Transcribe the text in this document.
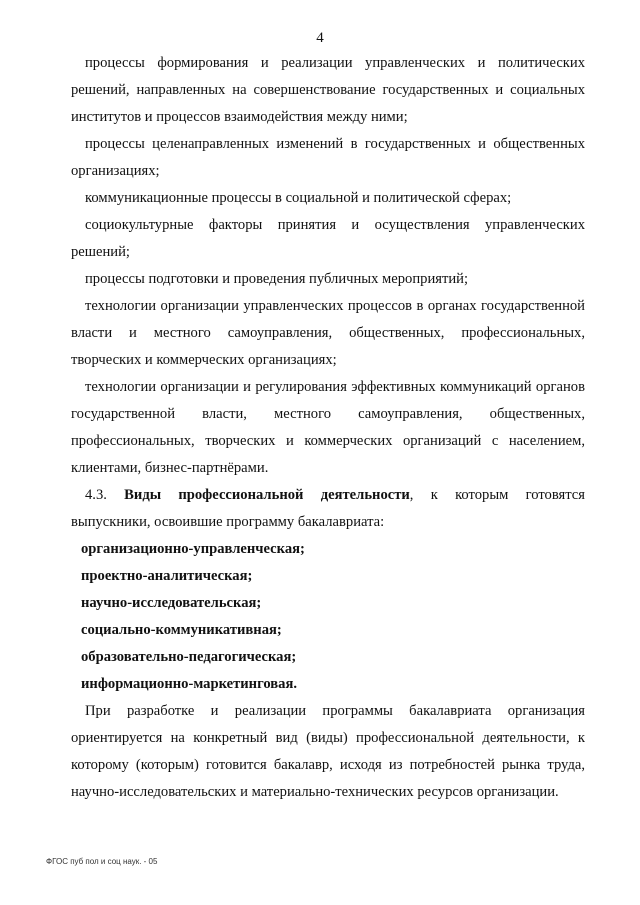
4

процессы формирования и реализации управленческих и политических решений, направленных на совершенствование государственных и социальных институтов и процессов взаимодействия между ними;

процессы целенаправленных изменений в государственных и общественных организациях;

коммуникационные процессы в социальной и политической сферах;

социокультурные факторы принятия и осуществления управленческих решений;

процессы подготовки и проведения публичных мероприятий;

технологии организации управленческих процессов в органах государственной власти и местного самоуправления, общественных, профессиональных, творческих и коммерческих организациях;

технологии организации и регулирования эффективных коммуникаций органов государственной власти, местного самоуправления, общественных, профессиональных, творческих и коммерческих организаций с населением, клиентами, бизнес-партнёрами.

4.3. Виды профессиональной деятельности, к которым готовятся выпускники, освоившие программу бакалавриата:

организационно-управленческая;

проектно-аналитическая;

научно-исследовательская;

социально-коммуникативная;

образовательно-педагогическая;

информационно-маркетинговая.

При разработке и реализации программы бакалавриата организация ориентируется на конкретный вид (виды) профессиональной деятельности, к которому (которым) готовится бакалавр, исходя из потребностей рынка труда, научно-исследовательских и материально-технических ресурсов организации.

ФГОС пуб пол и соц наук. - 05
